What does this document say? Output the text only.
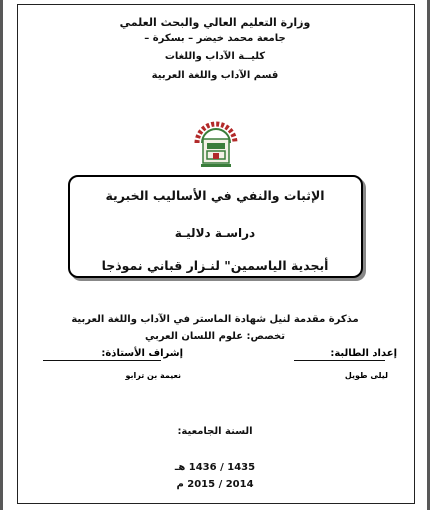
وزارة التعليم العالي والبحث العلمي
جامعة محمد خيضر – بسكرة –
كليــة الآداب واللغات
قسم الآداب واللغة العربية
الإثبات والنفي في الأساليب الخبرية
دراسـة دلاليـة
أبجدية الياسمين" لنـزار قباني نموذجا
مذكرة مقدمة لنيل شهادة الماستر في الآداب واللغة العربية
تخصص: علوم اللسان العربي
إعداد الطالبة:
إشراف الأستاذة:
ليلى طويل
نعيمة بن ترابو
السنة الجامعية:
1435 / 1436 هـ
2014 / 2015 م
